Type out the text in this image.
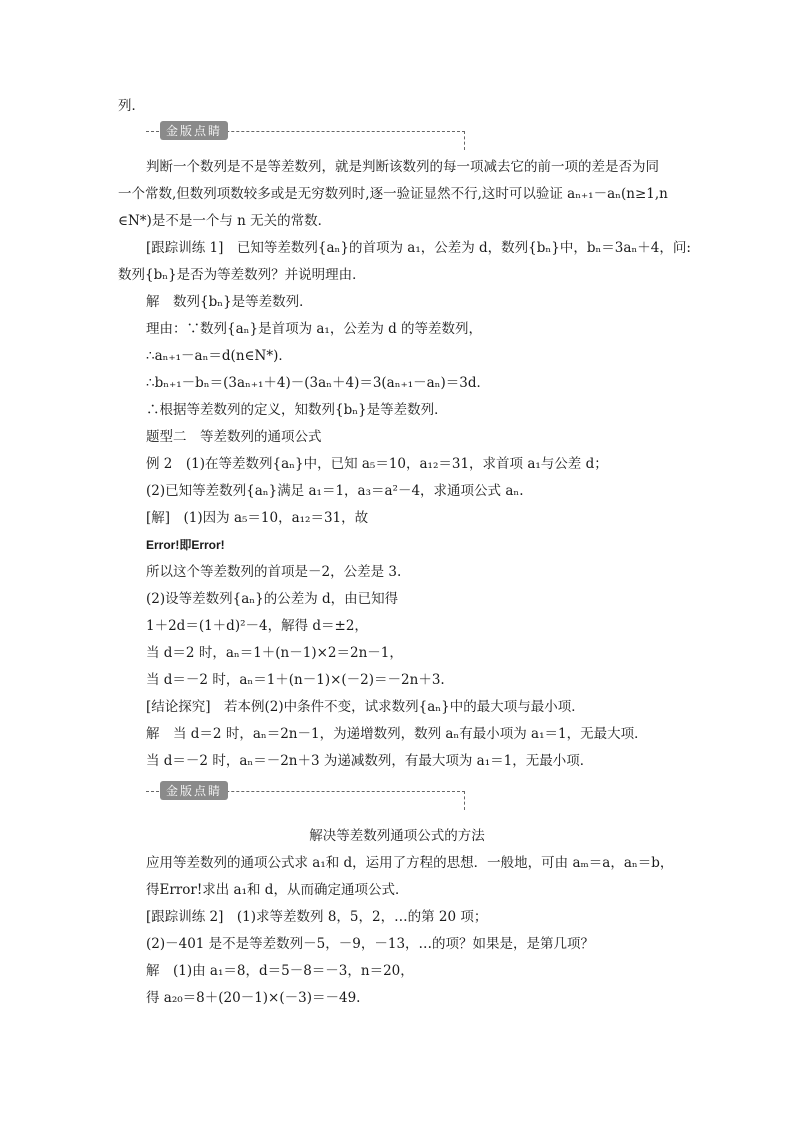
列．
金版点睛
判断一个数列是不是等差数列，就是判断该数列的每一项减去它的前一项的差是否为同
一个常数,但数列项数较多或是无穷数列时,逐一验证显然不行,这时可以验证 aₙ₊₁－aₙ(n≥1,n
∈N*)是不是一个与 n 无关的常数．
[跟踪训练 1]　已知等差数列{aₙ}的首项为 a₁，公差为 d，数列{bₙ}中，bₙ＝3aₙ＋4，问:
数列{bₙ}是否为等差数列？并说明理由．
解　数列{bₙ}是等差数列．
理由：∵数列{aₙ}是首项为 a₁，公差为 d 的等差数列，
∴aₙ₊₁－aₙ＝d(n∈N*)．
∴bₙ₊₁－bₙ＝(3aₙ₊₁＋4)－(3aₙ＋4)＝3(aₙ₊₁－aₙ)＝3d．
∴根据等差数列的定义，知数列{bₙ}是等差数列．
题型二　等差数列的通项公式
例 2　(1)在等差数列{aₙ}中，已知 a₅＝10，a₁₂＝31，求首项 a₁与公差 d；
(2)已知等差数列{aₙ}满足 a₁＝1，a₃＝a²－4，求通项公式 aₙ.
[解]　(1)因为 a₅＝10，a₁₂＝31，故
Error!即Error!
所以这个等差数列的首项是－2，公差是 3.
(2)设等差数列{aₙ}的公差为 d，由已知得
1＋2d＝(1＋d)²－4，解得 d＝±2，
当 d＝2 时，aₙ＝1＋(n－1)×2＝2n－1，
当 d＝－2 时，aₙ＝1＋(n－1)×(－2)＝－2n＋3.
[结论探究]　若本例(2)中条件不变，试求数列{aₙ}中的最大项与最小项．
解　当 d＝2 时，aₙ＝2n－1，为递增数列，数列 aₙ有最小项为 a₁＝1，无最大项．
当 d＝－2 时，aₙ＝－2n＋3 为递减数列，有最大项为 a₁＝1，无最小项．
金版点睛
解决等差数列通项公式的方法
应用等差数列的通项公式求 a₁和 d，运用了方程的思想．一般地，可由 aₘ＝a，aₙ＝b，
得Error!求出 a₁和 d，从而确定通项公式．
[跟踪训练 2]　(1)求等差数列 8，5，2，…的第 20 项；
(2)－401 是不是等差数列－5，－9，－13，…的项？如果是，是第几项？
解　(1)由 a₁＝8，d＝5－8＝－3，n＝20，
得 a₂₀＝8＋(20－1)×(－3)＝－49.
